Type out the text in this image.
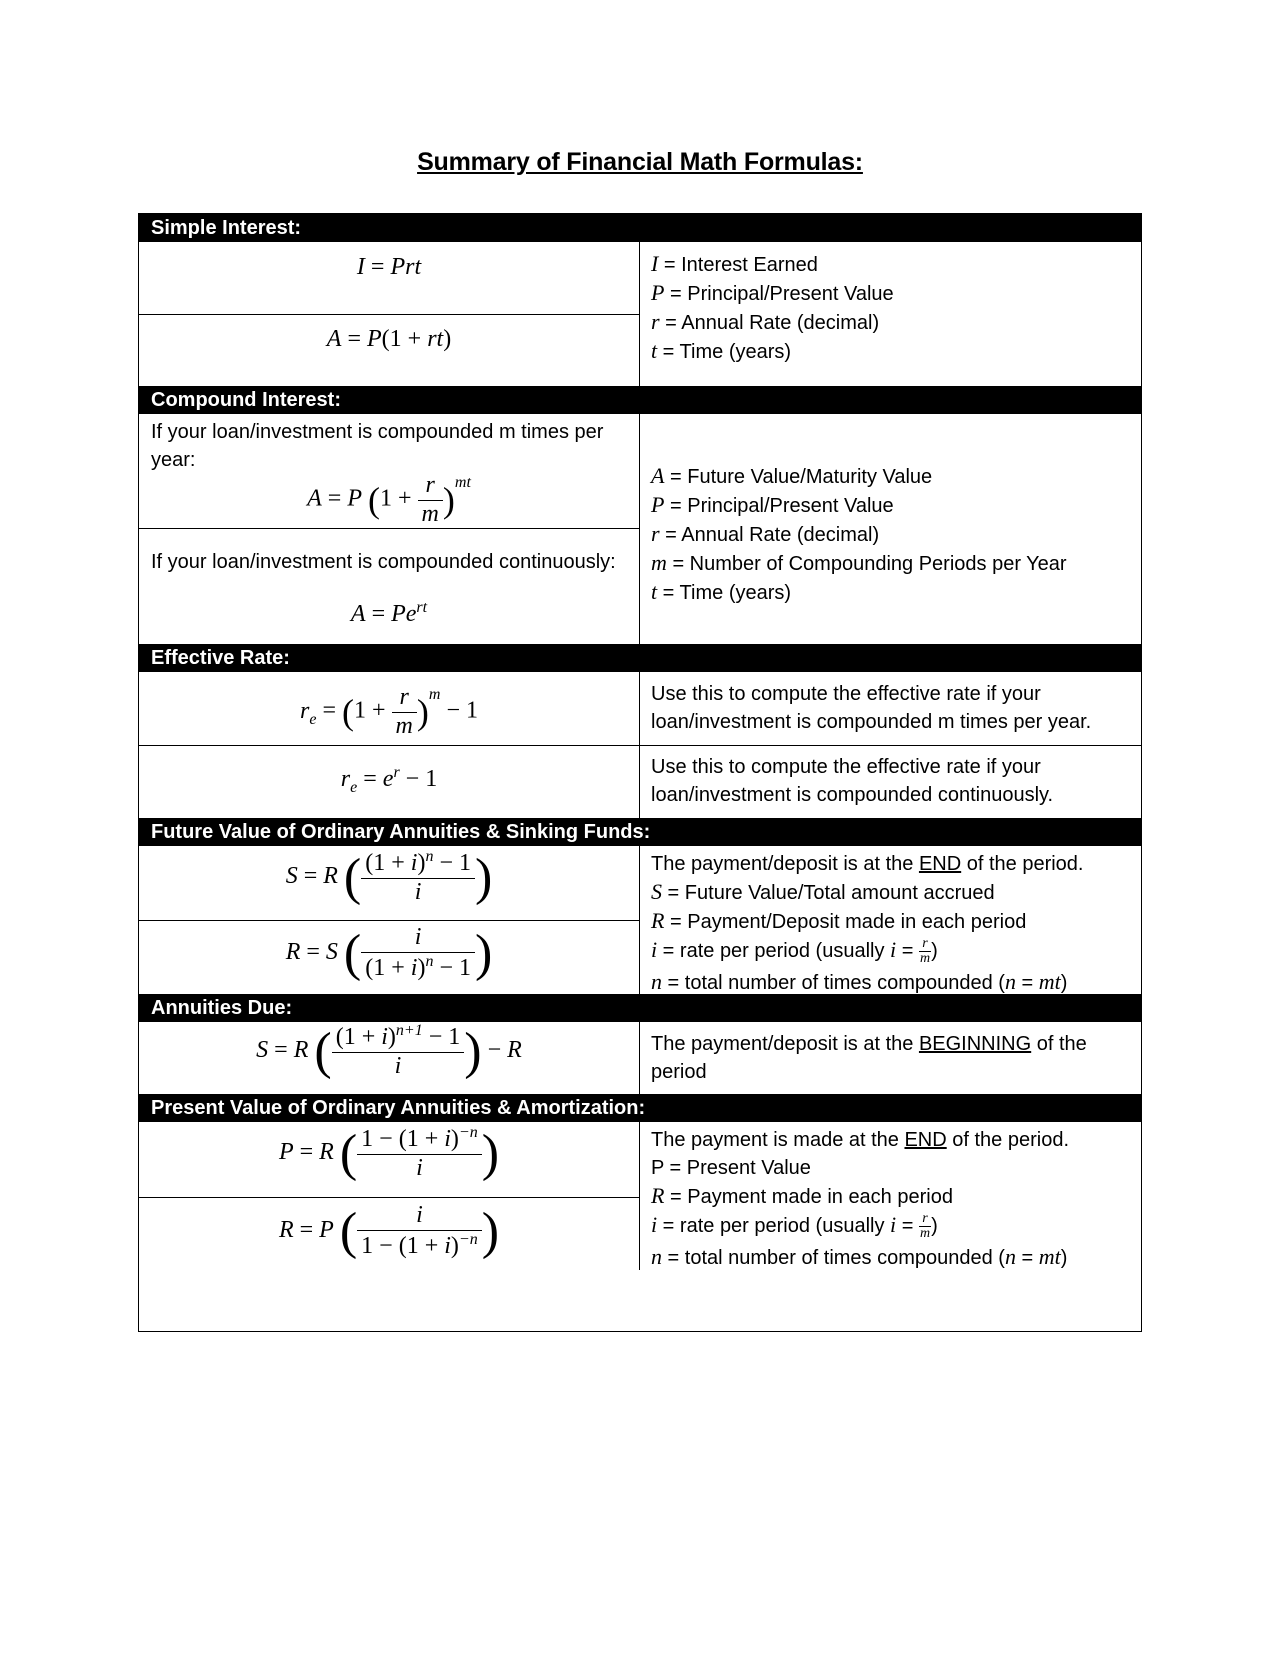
Summary of Financial Math Formulas:
Simple Interest:
I = Prt
A = P(1 + rt)
I = Interest Earned
P = Principal/Present Value
r = Annual Rate (decimal)
t = Time (years)
Compound Interest:
If your loan/investment is compounded m times per year:
A = P $(1 + \frac{r}{m} )^{mt}$
If your loan/investment is compounded continuously:
$A = Pe^{rt}$
A = Future Value/Maturity Value
P = Principal/Present Value
r = Annual Rate (decimal)
m = Number of Compounding Periods per Year
t = Time (years)
Effective Rate:
$r_e = (1 + \frac{r}{m} )^m - 1$
$r_e = e^r - 1$
Use this to compute the effective rate if your loan/investment is compounded m times per year.
Use this to compute the effective rate if your loan/investment is compounded continuously.
Future Value of Ordinary Annuities & Sinking Funds:
S = R ( $\frac{(1 + i)^n - 1}{i}$ )
R = S ( $\frac{i}{(1 + i)^n - 1}$ )
The payment/deposit is at the END of the period.
S = Future Value/Total amount accrued
R = Payment/Deposit made in each period
i = rate per period (usually $i = \frac{r}{m}$ )
n = total number of times compounded (n = mt)
Annuities Due:
S = R ( $\frac{(1 + i)^{n+1} - 1}{i}$ ) − R	The payment/deposit is at the BEGINNING of the period
Present Value of Ordinary Annuities & Amortization:
P = R ( $\frac{1 - (1 + i)^{-n}}{i}$ )
R = P ( $\frac{i}{1 - (1 + i)^{-n}}$ )
The payment is made at the END of the period.
P = Present Value
R = Payment made in each period
i = rate per period (usually $i = \frac{r}{m}$ )
n = total number of times compounded (n = mt)
